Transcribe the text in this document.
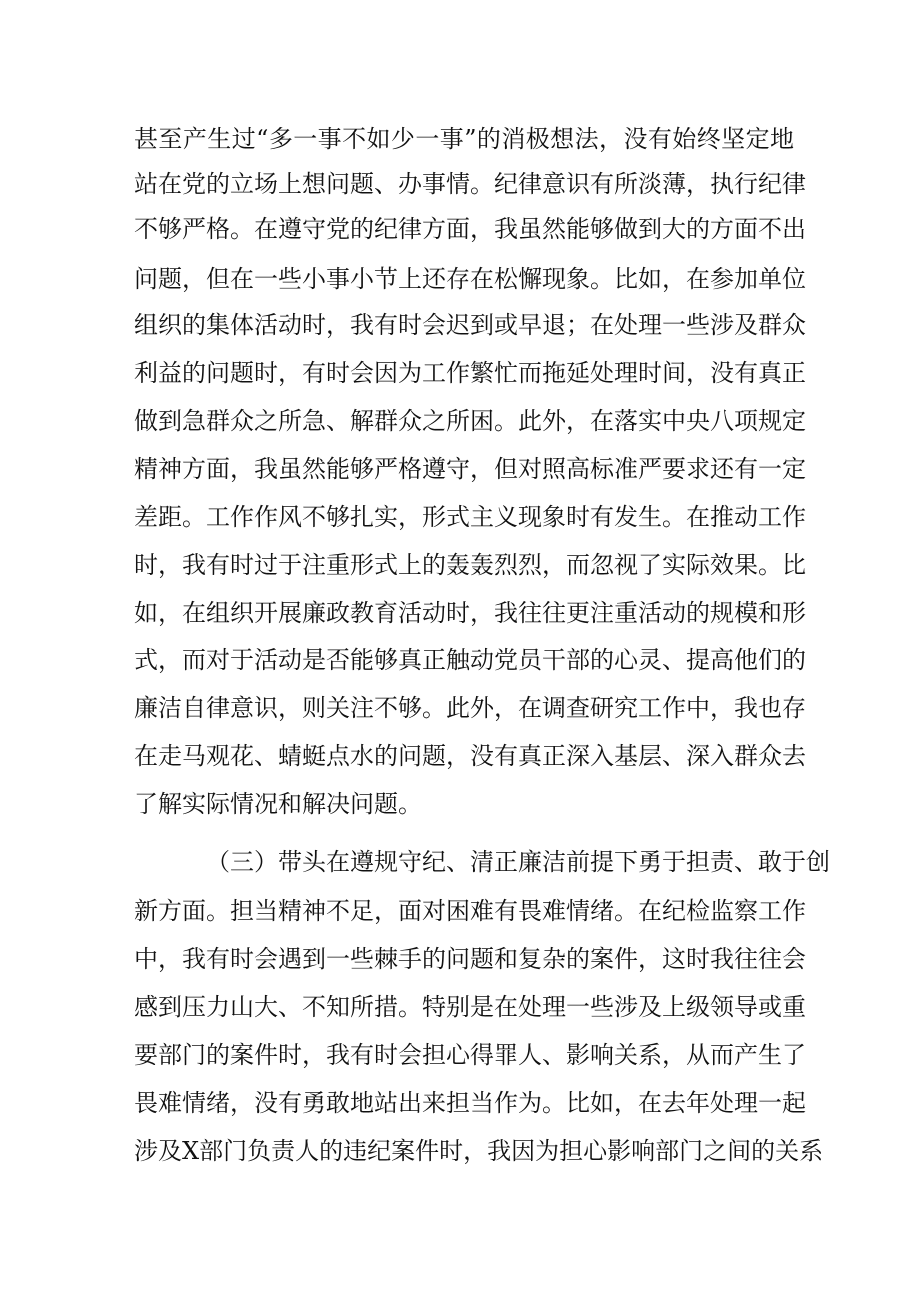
甚至产生过“多一事不如少一事”的消极想法，没有始终坚定地
站在党的立场上想问题、办事情。纪律意识有所淡薄，执行纪律
不够严格。在遵守党的纪律方面，我虽然能够做到大的方面不出
问题，但在一些小事小节上还存在松懈现象。比如，在参加单位
组织的集体活动时，我有时会迟到或早退；在处理一些涉及群众
利益的问题时，有时会因为工作繁忙而拖延处理时间，没有真正
做到急群众之所急、解群众之所困。此外，在落实中央八项规定
精神方面，我虽然能够严格遵守，但对照高标准严要求还有一定
差距。工作作风不够扎实，形式主义现象时有发生。在推动工作
时，我有时过于注重形式上的轰轰烈烈，而忽视了实际效果。比
如，在组织开展廉政教育活动时，我往往更注重活动的规模和形
式，而对于活动是否能够真正触动党员干部的心灵、提高他们的
廉洁自律意识，则关注不够。此外，在调查研究工作中，我也存
在走马观花、蜻蜓点水的问题，没有真正深入基层、深入群众去
了解实际情况和解决问题。
（三）带头在遵规守纪、清正廉洁前提下勇于担责、敢于创
新方面。担当精神不足，面对困难有畏难情绪。在纪检监察工作
中，我有时会遇到一些棘手的问题和复杂的案件，这时我往往会
感到压力山大、不知所措。特别是在处理一些涉及上级领导或重
要部门的案件时，我有时会担心得罪人、影响关系，从而产生了
畏难情绪，没有勇敢地站出来担当作为。比如，在去年处理一起
涉及X部门负责人的违纪案件时，我因为担心影响部门之间的关系
